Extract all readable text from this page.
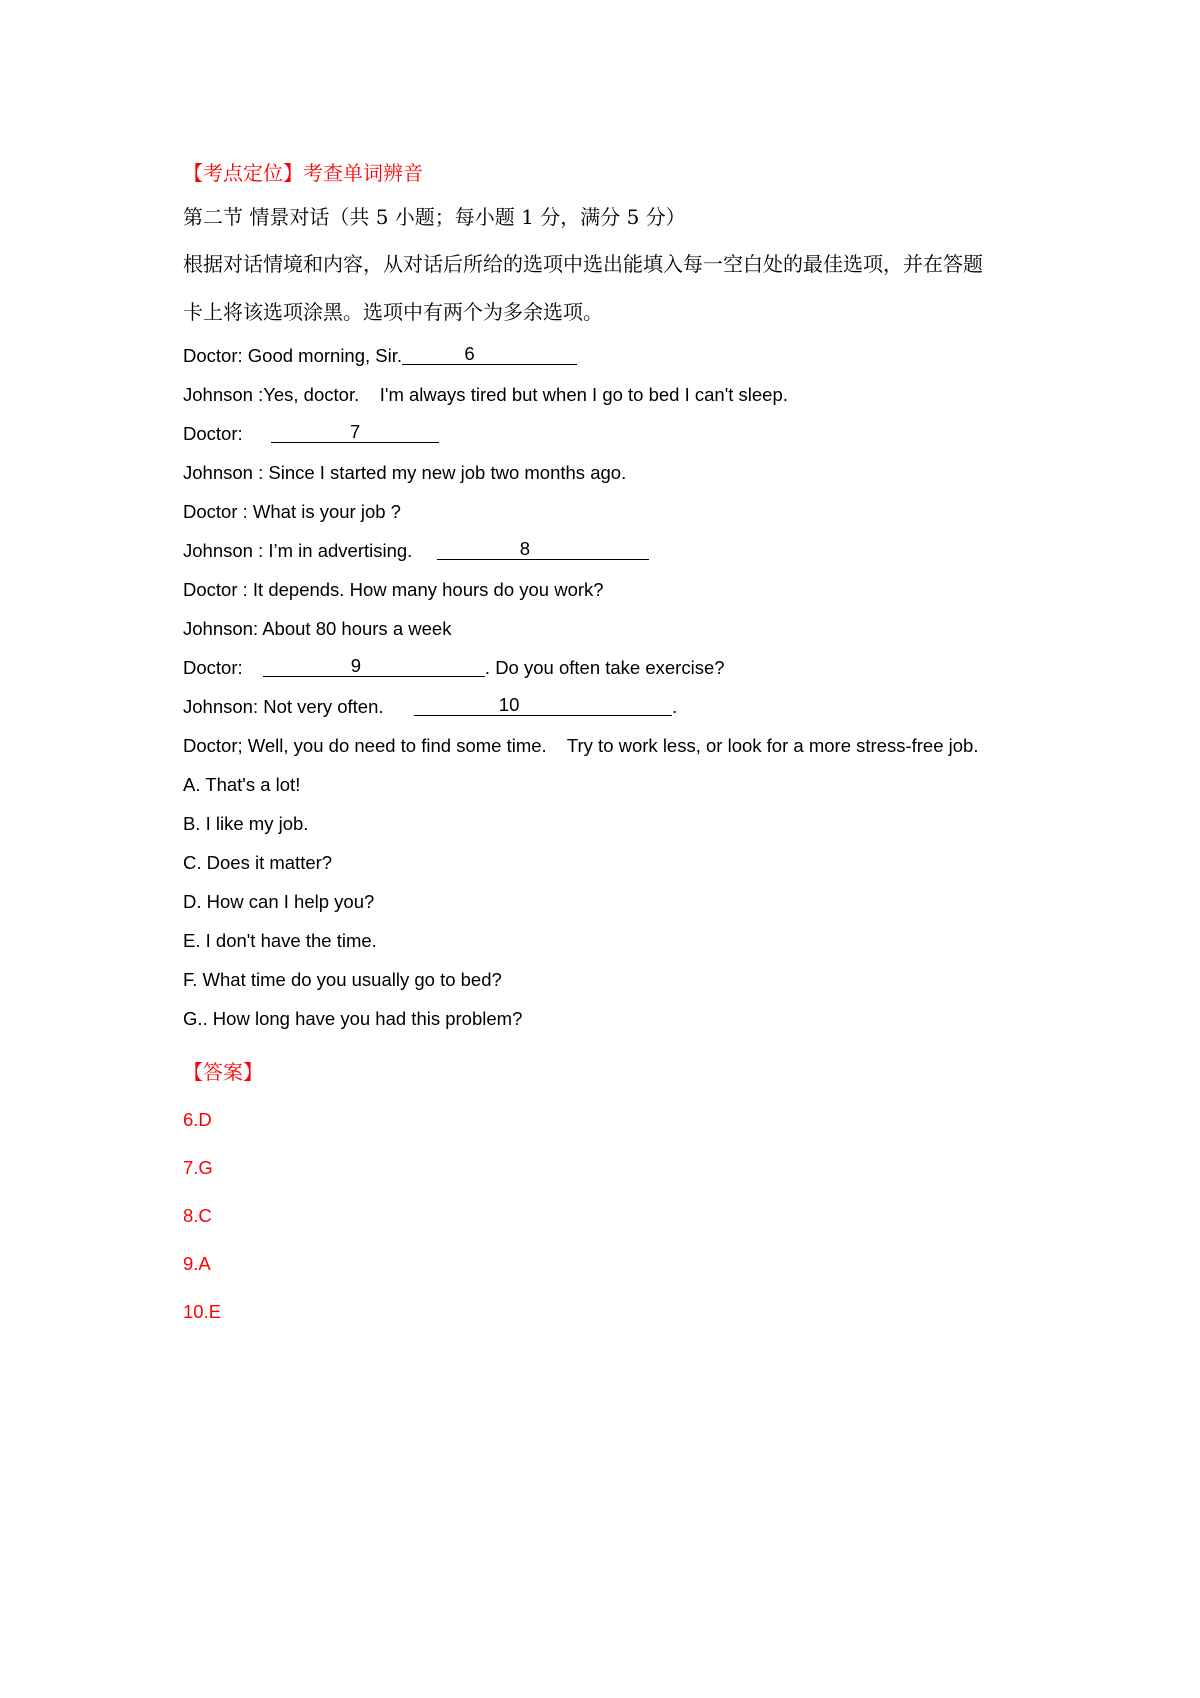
【考点定位】考查单词辨音
第二节 情景对话（共 5 小题；每小题 1 分，满分 5 分）
根据对话情境和内容，从对话后所给的选项中选出能填入每一空白处的最佳选项，并在答题
卡上将该选项涂黑。选项中有两个为多余选项。
Doctor: Good morning, Sir.	6
Johnson :Yes, doctor.    I'm always tired but when I go to bed I can't sleep.
Doctor:	7
Johnson : Since I started my new job two months ago.
Doctor : What is your job ?
Johnson : I’m in advertising.	8
Doctor : It depends. How many hours do you work?
Johnson: About 80 hours a week
Doctor:	9	. Do you often take exercise?
Johnson: Not very often.	10	.
Doctor; Well, you do need to find some time.    Try to work less, or look for a more stress-free job.
A. That's a lot!
B. I like my job.
C. Does it matter?
D. How can I help you?
E. I don't have the time.
F. What time do you usually go to bed?
G.. How long have you had this problem?
【答案】
6.D
7.G
8.C
9.A
10.E
